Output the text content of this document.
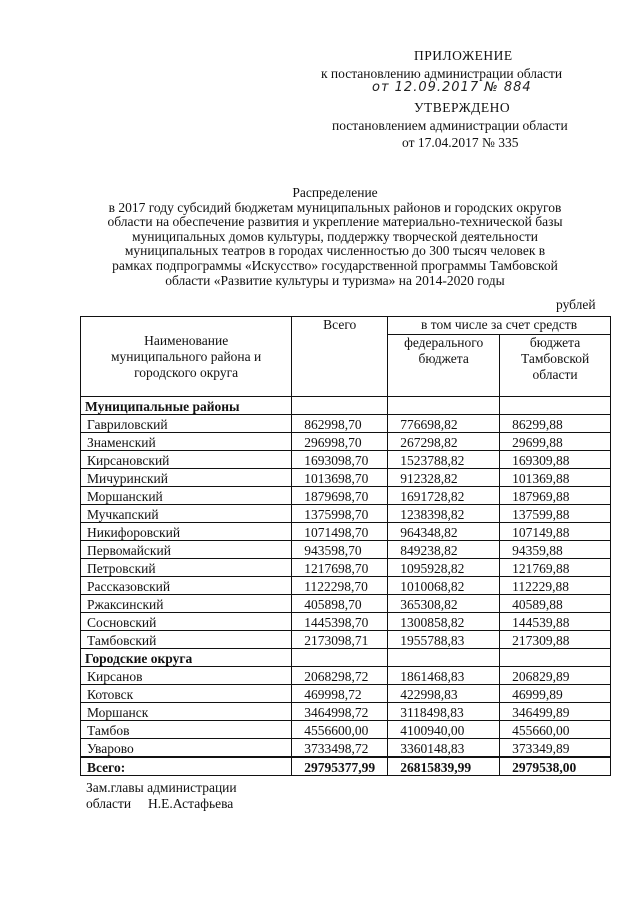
ПРИЛОЖЕНИЕ
к постановлению администрации области
от 12.09.2017 № 884
УТВЕРЖДЕНО
постановлением администрации области
от 17.04.2017 № 335
Распределение
в 2017 году субсидий бюджетам муниципальных районов и городских округов
области на обеспечение развития и укрепление материально-технической базы
муниципальных домов культуры, поддержку творческой деятельности
муниципальных театров в городах численностью до 300 тысяч человек в
рамках подпрограммы «Искусство» государственной программы Тамбовской
области «Развитие культуры и туризма» на 2014-2020 годы
рублей
Наименование муниципального района и городского округа	Всего	в том числе за счет средств	
		федерального бюджета	бюджета Тамбовской области
Муниципальные районы			
Гавриловский	862998,70	776698,82	86299,88
Знаменский	296998,70	267298,82	29699,88
Кирсановский	1693098,70	1523788,82	169309,88
Мичуринский	1013698,70	912328,82	101369,88
Моршанский	1879698,70	1691728,82	187969,88
Мучкапский	1375998,70	1238398,82	137599,88
Никифоровский	1071498,70	964348,82	107149,88
Первомайский	943598,70	849238,82	94359,88
Петровский	1217698,70	1095928,82	121769,88
Рассказовский	1122298,70	1010068,82	112229,88
Ржаксинский	405898,70	365308,82	40589,88
Сосновский	1445398,70	1300858,82	144539,88
Тамбовский	2173098,71	1955788,83	217309,88
Городские округа			
Кирсанов	2068298,72	1861468,83	206829,89
Котовск	469998,72	422998,83	46999,89
Моршанск	3464998,72	3118498,83	346499,89
Тамбов	4556600,00	4100940,00	455660,00
Уварово	3733498,72	3360148,83	373349,89
Всего:	29795377,99	26815839,99	2979538,00
Зам.главы администрации
области     Н.Е.Астафьева
